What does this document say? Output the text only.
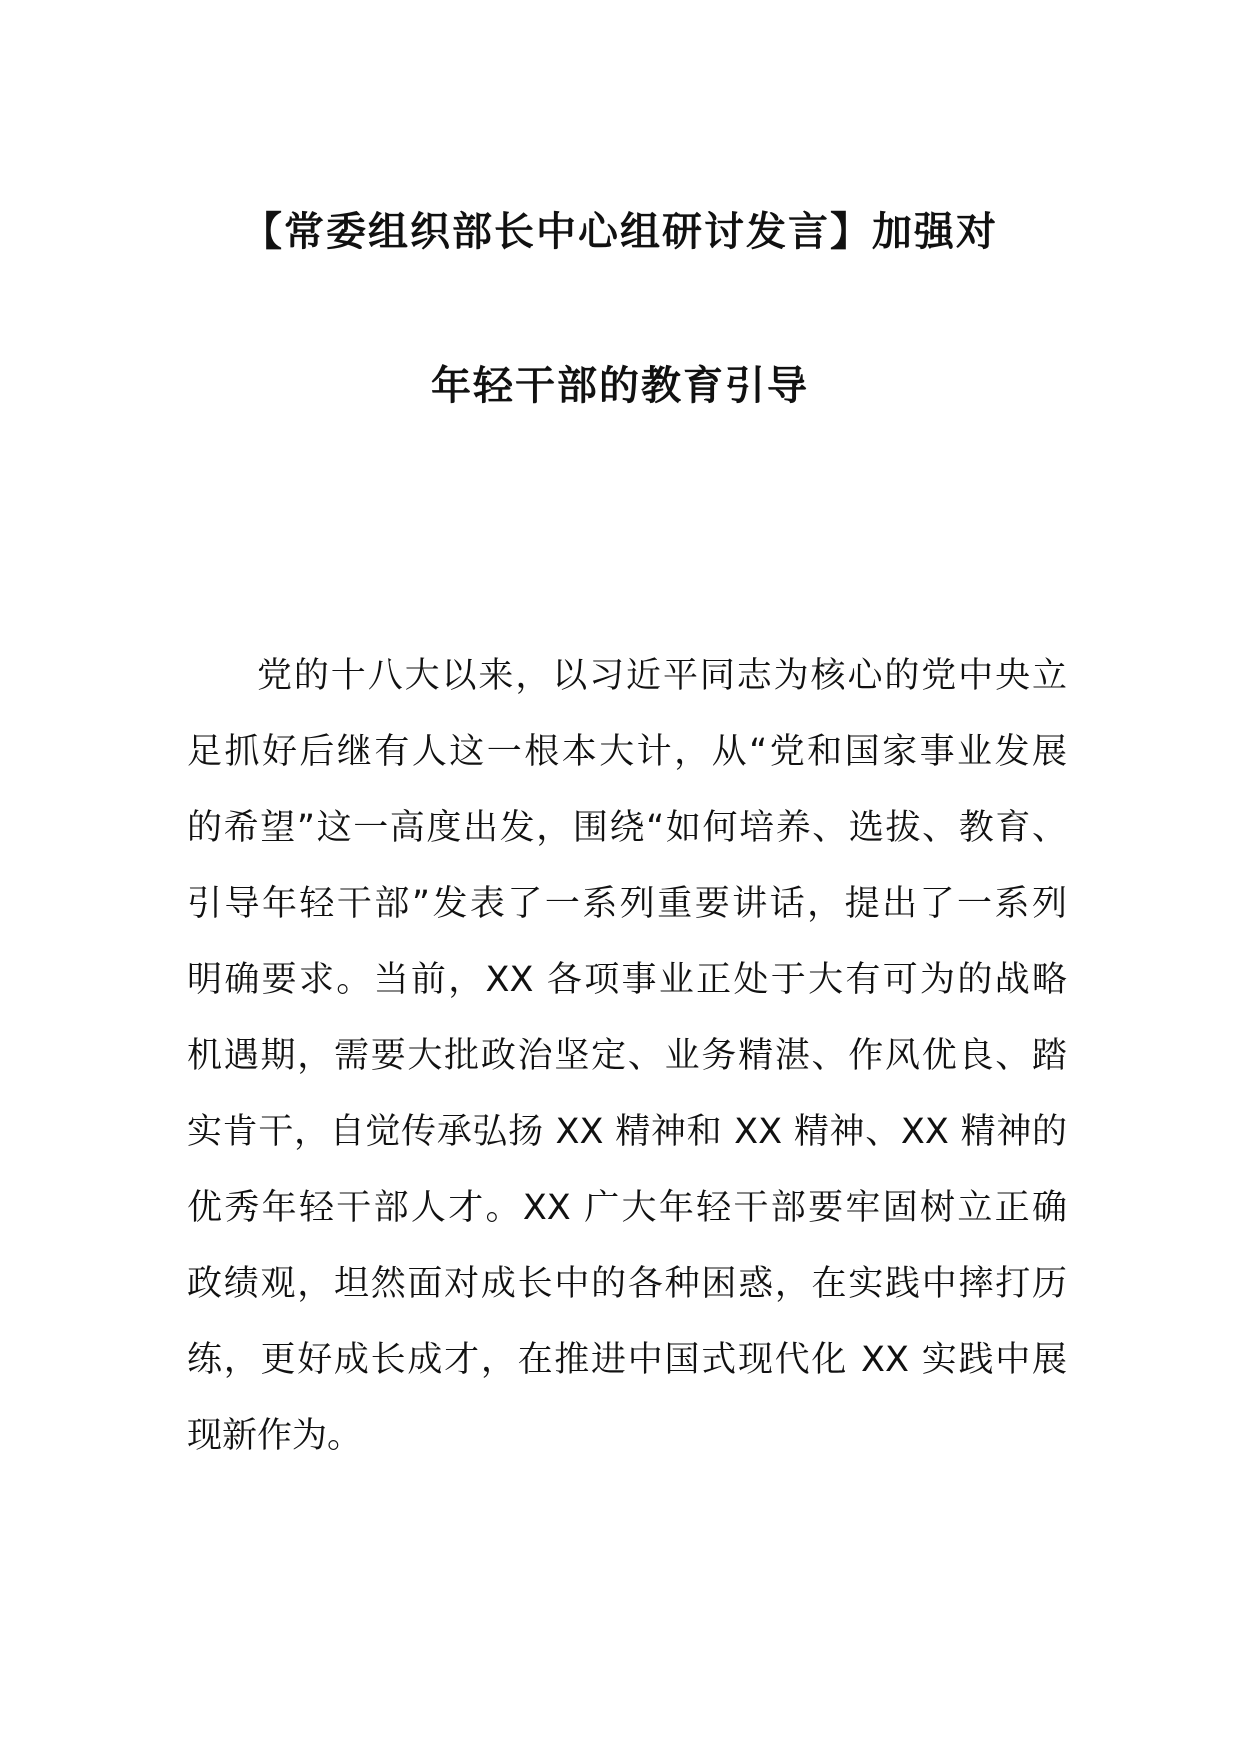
【常委组织部长中心组研讨发言】加强对
年轻干部的教育引导
党的十八大以来，以习近平同志为核心的党中央立
足抓好后继有人这一根本大计，从“党和国家事业发展
的希望”这一高度出发，围绕“如何培养、选拔、教育、
引导年轻干部”发表了一系列重要讲话，提出了一系列
明确要求。当前，XX 各项事业正处于大有可为的战略
机遇期，需要大批政治坚定、业务精湛、作风优良、踏
实肯干，自觉传承弘扬 XX 精神和 XX 精神、XX 精神的
优秀年轻干部人才。XX 广大年轻干部要牢固树立正确
政绩观，坦然面对成长中的各种困惑，在实践中摔打历
练，更好成长成才，在推进中国式现代化 XX 实践中展
现新作为。
